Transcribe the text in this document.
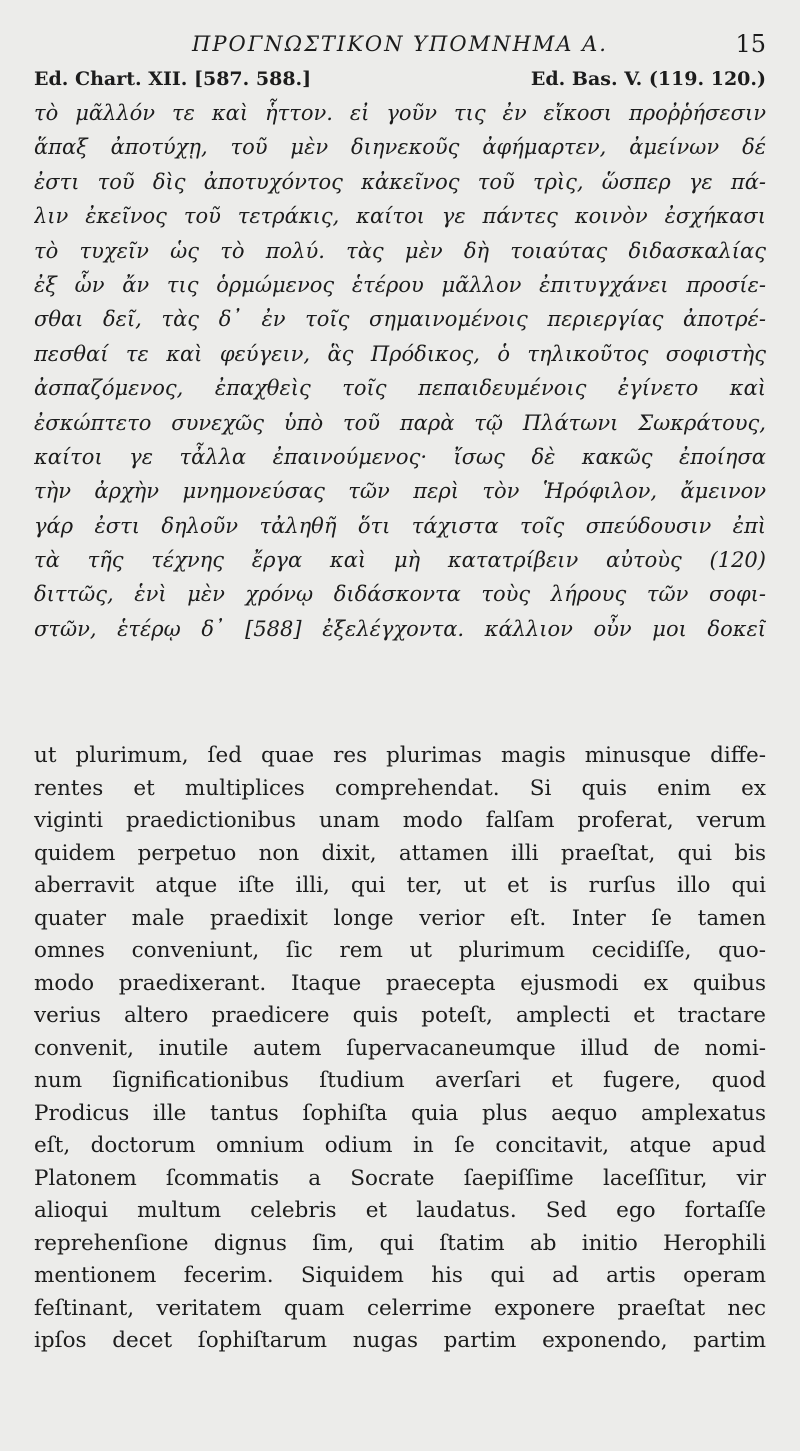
ΠΡΟΓΝΩΣΤΙΚΟΝ ΥΠΟΜΝΗΜΑ Α.	15
Ed. Chart. XII. [587. 588.]	Ed. Bas. V. (119. 120.)
τὸ μᾶλλόν τε καὶ ἧττον. εἰ γοῦν τις ἐν εἴκοσι προῤῥήσεσιν
ἅπαξ ἀποτύχῃ, τοῦ μὲν διηνεκοῦς ἀφήμαρτεν, ἀμείνων δέ
ἐστι τοῦ δὶς ἀποτυχόντος κἀκεῖνος τοῦ τρὶς, ὥσπερ γε πά-
λιν ἐκεῖνος τοῦ τετράκις, καίτοι γε πάντες κοινὸν ἐσχήκασι
τὸ τυχεῖν ὡς τὸ πολύ. τὰς μὲν δὴ τοιαύτας διδασκαλίας
ἐξ ὧν ἄν τις ὁρμώμενος ἑτέρου μᾶλλον ἐπιτυγχάνει προσίε-
σθαι δεῖ, τὰς δ᾽ ἐν τοῖς σημαινομένοις περιεργίας ἀποτρέ-
πεσθαί τε καὶ φεύγειν, ἃς Πρόδικος, ὁ τηλικοῦτος σοφιστὴς
ἀσπαζόμενος, ἐπαχθεὶς τοῖς πεπαιδευμένοις ἐγίνετο καὶ
ἐσκώπτετο συνεχῶς ὑπὸ τοῦ παρὰ τῷ Πλάτωνι Σωκράτους,
καίτοι γε τἆλλα ἐπαινούμενος· ἴσως δὲ κακῶς ἐποίησα
τὴν ἀρχὴν μνημονεύσας τῶν περὶ τὸν Ἡρόφιλον, ἄμεινον
γάρ ἐστι δηλοῦν τἀληθῆ ὅτι τάχιστα τοῖς σπεύδουσιν ἐπὶ
τὰ τῆς τέχνης ἔργα καὶ μὴ κατατρίβειν αὐτοὺς (120)
διττῶς, ἑνὶ μὲν χρόνῳ διδάσκοντα τοὺς λήρους τῶν σοφι-
στῶν, ἑτέρῳ δ᾽ [588] ἐξελέγχοντα. κάλλιον οὖν μοι δοκεῖ
ut plurimum, ſed quae res plurimas magis minusque diffe-
rentes et multiplices comprehendat. Si quis enim ex
viginti praedictionibus unam modo falſam proferat, verum
quidem perpetuo non dixit, attamen illi praeſtat, qui bis
aberravit atque iſte illi, qui ter, ut et is rurſus illo qui
quater male praedixit longe verior eſt. Inter ſe tamen
omnes conveniunt, ſic rem ut plurimum cecidiſſe, quo-
modo praedixerant. Itaque praecepta ejusmodi ex quibus
verius altero praedicere quis poteſt, amplecti et tractare
convenit, inutile autem ſupervacaneumque illud de nomi-
num ſignificationibus ſtudium averſari et fugere, quod
Prodicus ille tantus ſophiſta quia plus aequo amplexatus
eſt, doctorum omnium odium in ſe concitavit, atque apud
Platonem ſcommatis a Socrate ſaepiſſime laceſſitur, vir
alioqui multum celebris et laudatus. Sed ego fortaſſe
reprehenſione dignus ſim, qui ſtatim ab initio Herophili
mentionem fecerim. Siquidem his qui ad artis operam
feſtinant, veritatem quam celerrime exponere praeſtat nec
ipſos decet ſophiſtarum nugas partim exponendo, partim
